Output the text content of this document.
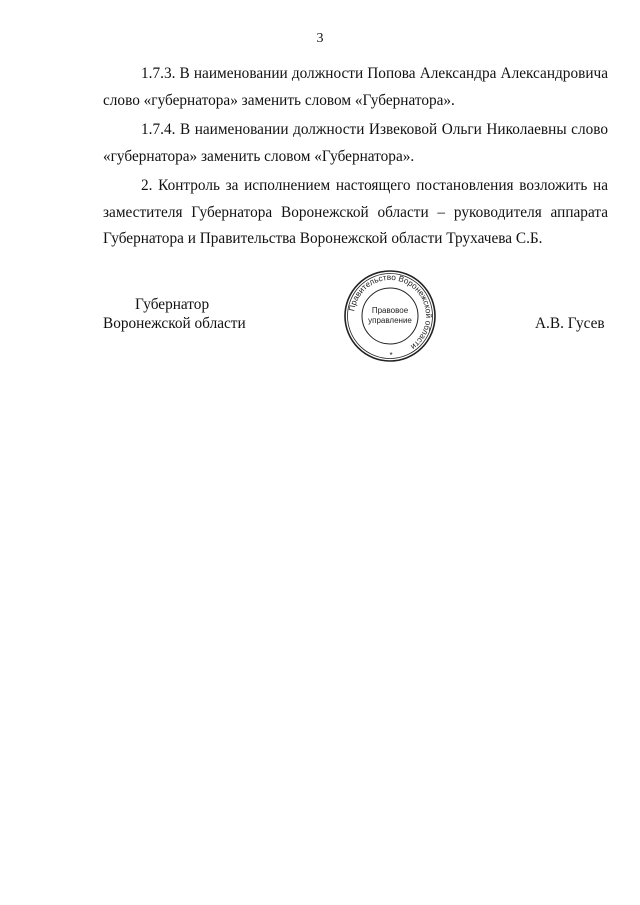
3

1.7.3. В наименовании должности Попова Александра Александровича слово «губернатора» заменить словом «Губернатора».

1.7.4. В наименовании должности Извековой Ольги Николаевны слово «губернатора» заменить словом «Губернатора».

2. Контроль за исполнением настоящего постановления возложить на заместителя Губернатора Воронежской области – руководителя аппарата Губернатора и Правительства Воронежской области Трухачева С.Б.

Губернатор
Воронежской области
Правительство Воронежской области
Правовое
управление
*
А.В. Гусев
